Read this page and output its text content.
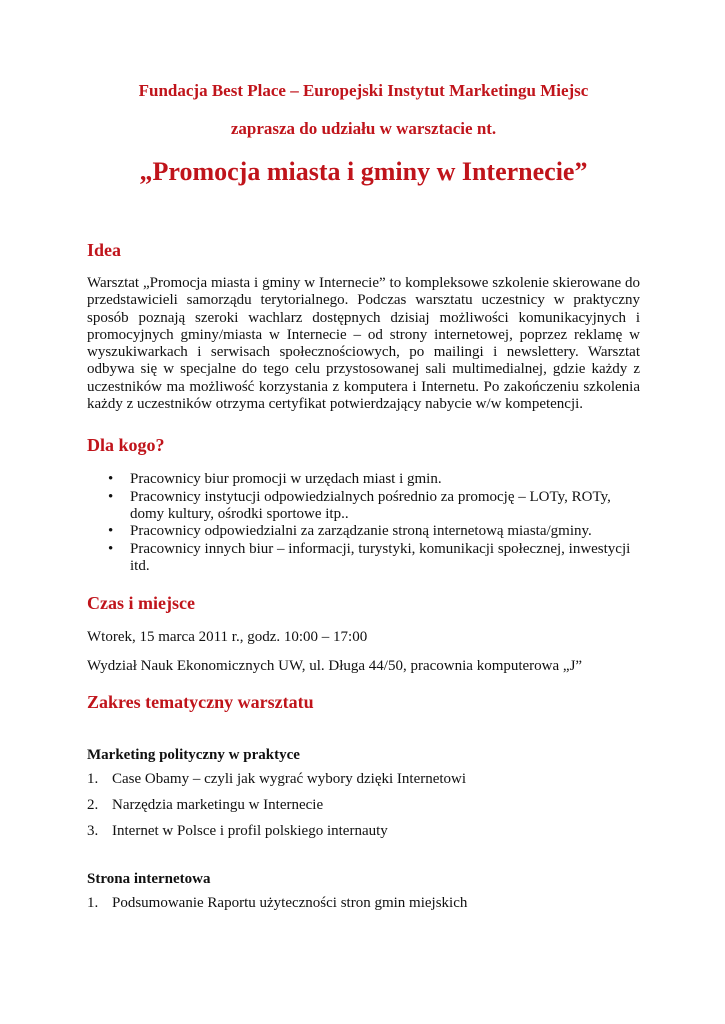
Fundacja Best Place – Europejski Instytut Marketingu Miejsc
zaprasza do udziału w warsztacie nt.
„Promocja miasta i gminy w Internecie”
Idea

Warsztat „Promocja miasta i gminy w Internecie” to kompleksowe szkolenie skierowane do przedstawicieli samorządu terytorialnego. Podczas warsztatu uczestnicy w praktyczny sposób poznają szeroki wachlarz dostępnych dzisiaj możliwości komunikacyjnych i promocyjnych gminy/miasta w Internecie – od strony internetowej, poprzez reklamę w wyszukiwarkach i serwisach społecznościowych, po mailingi i newslettery. Warsztat odbywa się w specjalne do tego celu przystosowanej sali multimedialnej, gdzie każdy z uczestników ma możliwość korzystania z komputera i Internetu. Po zakończeniu szkolenia każdy z uczestników otrzyma certyfikat potwierdzający nabycie w/w kompetencji.

Dla kogo?
• Pracownicy biur promocji w urzędach miast i gmin.
• Pracownicy instytucji odpowiedzialnych pośrednio za promocję – LOTy, ROTy, domy kultury, ośrodki sportowe itp..
• Pracownicy odpowiedzialni za zarządzanie stroną internetową miasta/gminy.
• Pracownicy innych biur – informacji, turystyki, komunikacji społecznej, inwestycji itd.
Czas i miejsce

Wtorek, 15 marca 2011 r., godz. 10:00 – 17:00

Wydział Nauk Ekonomicznych UW, ul. Długa 44/50, pracownia komputerowa „J”

Zakres tematyczny warsztatu
Marketing polityczny w praktyce
1. Case Obamy – czyli jak wygrać wybory dzięki Internetowi
2. Narzędzia marketingu w Internecie
3. Internet w Polsce i profil polskiego internauty
Strona internetowa
1. Podsumowanie Raportu użyteczności stron gmin miejskich
